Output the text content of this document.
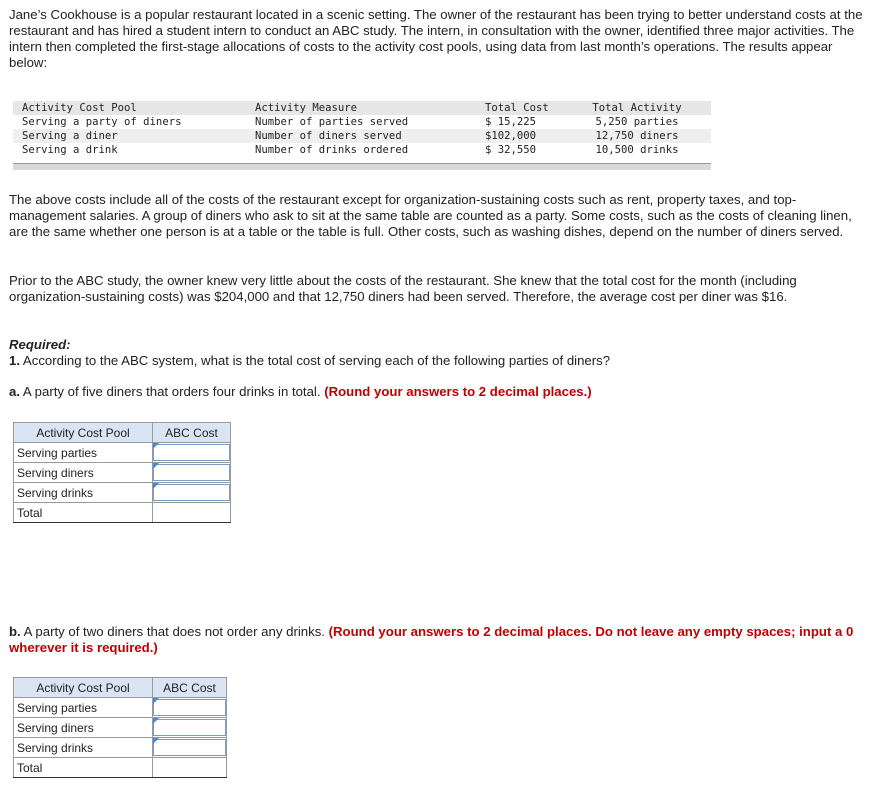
Jane’s Cookhouse is a popular restaurant located in a scenic setting. The owner of the restaurant has been trying to better understand costs at the restaurant and has hired a student intern to conduct an ABC study. The intern, in consultation with the owner, identified three major activities. The intern then completed the first-stage allocations of costs to the activity cost pools, using data from last month’s operations. The results appear below:

Activity Cost Pool	Activity Measure	Total Cost	Total Activity
Serving a party of diners	Number of parties served	$ 15,225	5,250 parties
Serving a diner	Number of diners served	$102,000	12,750 diners
Serving a drink	Number of drinks ordered	$ 32,550	10,500 drinks

The above costs include all of the costs of the restaurant except for organization-sustaining costs such as rent, property taxes, and top-management salaries. A group of diners who ask to sit at the same table are counted as a party. Some costs, such as the costs of cleaning linen, are the same whether one person is at a table or the table is full. Other costs, such as washing dishes, depend on the number of diners served.

Prior to the ABC study, the owner knew very little about the costs of the restaurant. She knew that the total cost for the month (including organization-sustaining costs) was $204,000 and that 12,750 diners had been served. Therefore, the average cost per diner was $16.

Required:
1. According to the ABC system, what is the total cost of serving each of the following parties of diners?

a. A party of five diners that orders four drinks in total. (Round your answers to 2 decimal places.)

Activity Cost Pool	ABC Cost
Serving parties	

Serving diners	

Serving drinks	

Total	

b. A party of two diners that does not order any drinks. (Round your answers to 2 decimal places. Do not leave any empty spaces; input a 0 wherever it is required.)

Activity Cost Pool	ABC Cost
Serving parties	

Serving diners	

Serving drinks	

Total	
